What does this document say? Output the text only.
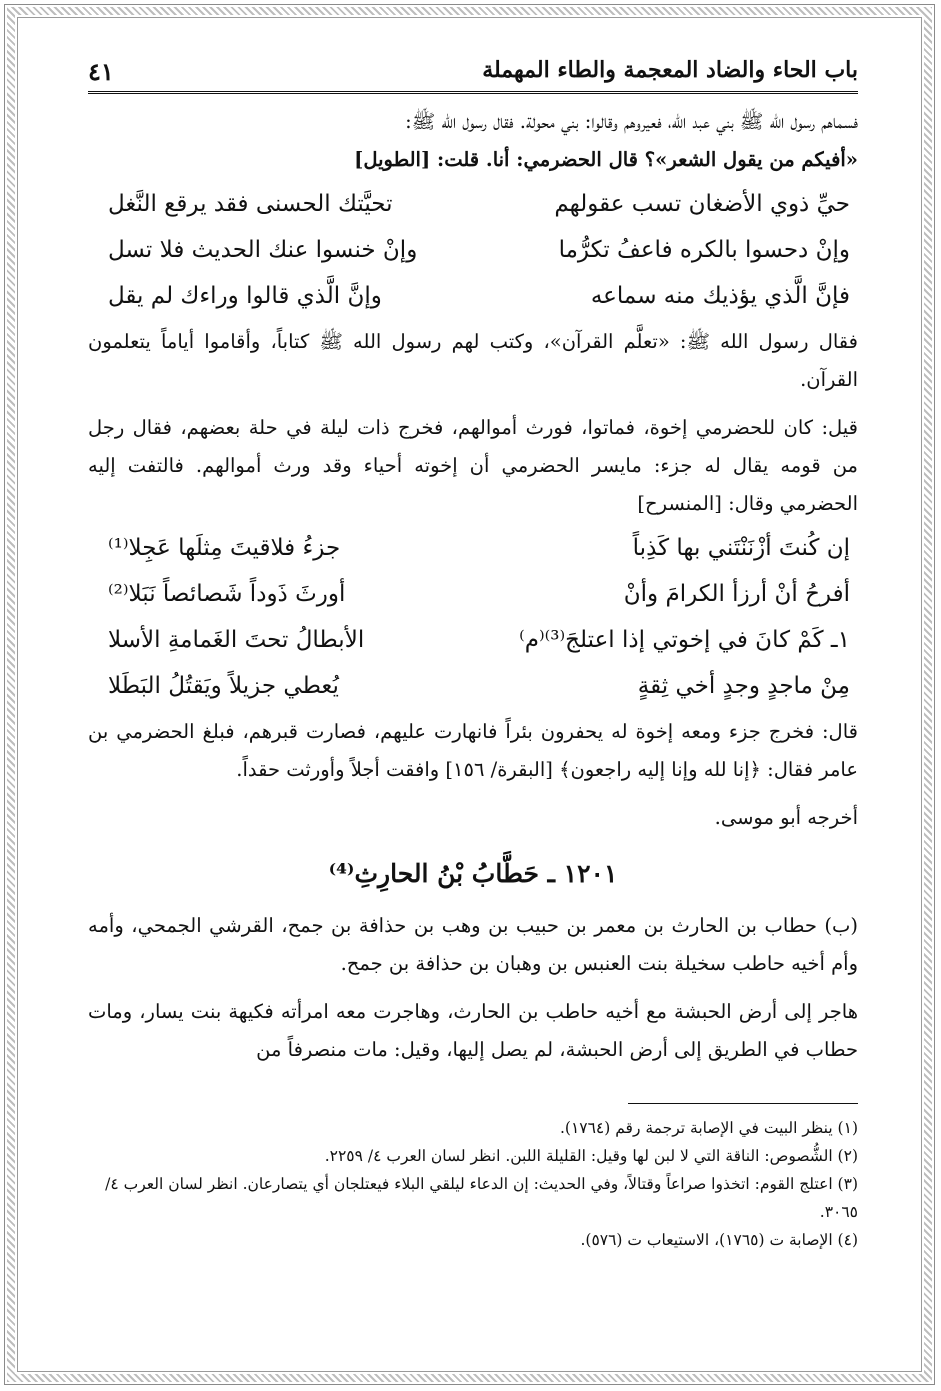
باب الحاء والضاد المعجمة والطاء المهملة
٤١

فسماهم رسول الله ﷺ بني عبد الله، فعيروهم وقالوا: بني محولة. فقال رسول الله ﷺ:

«أفيكم من يقول الشعر»؟ قال الحضرمي: أنا. قلت: [الطويل]

حيِّ ذوي الأضغان تسب عقولهم
تحيَّتك الحسنى فقد يرقع النَّغل
وإنْ دحسوا بالكره فاعفُ تكرُّما
وإنْ خنسوا عنك الحديث فلا تسل
فإنَّ الَّذي يؤذيك منه سماعه
وإنَّ الَّذي قالوا وراءك لم يقل

فقال رسول الله ﷺ: «تعلَّم القرآن»، وكتب لهم رسول الله ﷺ كتاباً، وأقاموا أياماً يتعلمون القرآن.

قيل: كان للحضرمي إخوة، فماتوا، فورث أموالهم، فخرج ذات ليلة في حلة بعضهم، فقال رجل من قومه يقال له جزء: مايسر الحضرمي أن إخوته أحياء وقد ورث أموالهم. فالتفت إليه الحضرمي وقال: [المنسرح]

إن كُنتَ أزْنَنْتَني بها كَذِباً
جزءُ فلاقيتَ مِثلَها عَجِلا⁽¹⁾
أفرحُ أنْ أرزأ الكرامَ وأنْ
أورثَ ذَوداً شَصائصاً نَبَلا⁽²⁾
١ـ كَمْ كانَ في إخوتي إذا اعتلجَ⁽³⁾⁽م⁾
الأبطالُ تحتَ الغَمامةِ الأسلا
مِنْ ماجدٍ وجدٍ أخي ثِقةٍ
يُعطي جزيلاً ويَقتُلُ البَطَلا

قال: فخرج جزء ومعه إخوة له يحفرون بئراً فانهارت عليهم، فصارت قبرهم، فبلغ الحضرمي بن عامر فقال: ﴿إنا لله وإنا إليه راجعون﴾ [البقرة/ ١٥٦] وافقت أجلاً وأورثت حقداً.

أخرجه أبو موسى.

١٢٠١ ـ حَطَّابُ بْنُ الحارِثِ⁽⁴⁾

(ب) حطاب بن الحارث بن معمر بن حبيب بن وهب بن حذافة بن جمح، القرشي الجمحي، وأمه وأم أخيه حاطب سخيلة بنت العنبس بن وهبان بن حذافة بن جمح.

هاجر إلى أرض الحبشة مع أخيه حاطب بن الحارث، وهاجرت معه امرأته فكيهة بنت يسار، ومات حطاب في الطريق إلى أرض الحبشة، لم يصل إليها، وقيل: مات منصرفاً من

(١) ينظر البيت في الإصابة ترجمة رقم (١٧٦٤).

(٢) الشُّصوص: الناقة التي لا لبن لها وقيل: القليلة اللبن. انظر لسان العرب ٤/ ٢٢٥٩.

(٣) اعتلج القوم: اتخذوا صراعاً وقتالاً، وفي الحديث: إن الدعاء ليلقي البلاء فيعتلجان أي يتصارعان. انظر لسان العرب ٤/ ٣٠٦٥.

(٤) الإصابة ت (١٧٦٥)، الاستيعاب ت (٥٧٦).
